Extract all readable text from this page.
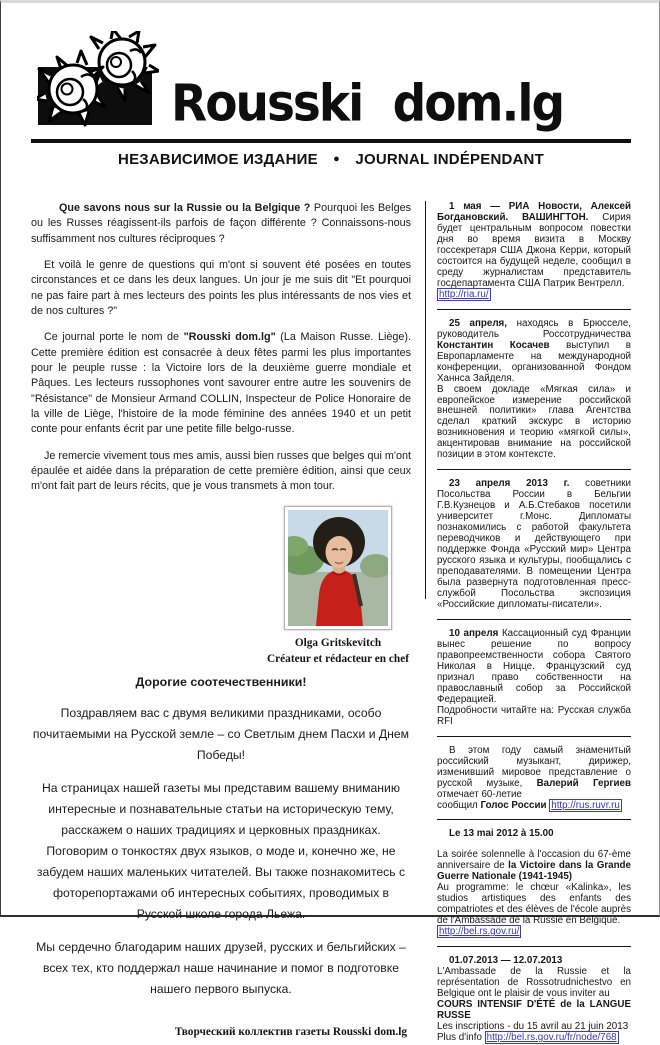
Rousski dom.lg
НЕЗАВИСИМОЕ ИЗДАНИЕ ● JOURNAL INDÉPENDANT

Que savons nous sur la Russie ou la Belgique ? Pourquoi les Belges ou les Russes réagissent-ils parfois de façon différente ? Connaissons-nous suffisamment nos cultures réciproques ?

Et voilà le genre de questions qui m'ont si souvent été posées en toutes circonstances et ce dans les deux langues. Un jour je me suis dit "Et pourquoi ne pas faire part à mes lecteurs des points les plus intéressants de nos vies et de nos cultures ?"

Ce journal porte le nom de "Rousski dom.lg" (La Maison Russe. Liège). Cette première édition est consacrée à deux fêtes parmi les plus importantes pour le peuple russe : la Victoire lors de la deuxième guerre mondiale et Pâques. Les lecteurs russophones vont savourer entre autre les souvenirs de "Résistance" de Monsieur Armand COLLIN, Inspecteur de Police Honoraire de la ville de Liège, l'histoire de la mode féminine des années 1940 et un petit conte pour enfants écrit par une petite fille belgo-russe.

Je remercie vivement tous mes amis, aussi bien russes que belges qui m'ont épaulée et aidée dans la préparation de cette première édition, ainsi que ceux m'ont fait part de leurs récits, que je vous transmets à mon tour.

Olga Gritskevitch
Créateur et rédacteur en chef
Дорогие соотечественники!

Поздравляем вас с двумя великими праздниками, особо почитаемыми на Русской земле – со Светлым днем Пасхи и Днем Победы!

На страницах нашей газеты мы представим вашему вниманию интересные и познавательные статьи на историческую тему, расскажем о наших традициях и церковных праздниках. Поговорим о тонкостях двух языков, о моде и, конечно же, не забудем наших маленьких читателей. Вы также познакомитесь с фоторепортажами об интересных событиях, проводимых в Русской школе города Льежа.

Мы сердечно благодарим наших друзей, русских и бельгийских – всех тех, кто поддержал наше начинание и помог в подготовке нашего первого выпуска.

Творческий коллектив газеты Rousski dom.lg

1 мая — РИА Новости, Алексей Богдановский. ВАШИНГТОН. Сирия будет центральным вопросом повестки дня во время визита в Москву госсекретаря США Джона Керри, который состоится на будущей неделе, сообщил в среду журналистам представитель госдепартамента США Патрик Вентрелл.

http://ria.ru/

25 апреля, находясь в Брюсселе, руководитель Россотрудничества Константин Косачев выступил в Европарламенте на международной конференции, организованной Фондом Ханнса Зайделя.

В своем докладе «Мягкая сила» и европейское измерение российской внешней политики» глава Агентства сделал краткий экскурс в историю возникновения и теорию «мягкой силы», акцентировав внимание на российской позиции в этом контексте.

23 апреля 2013 г. советники Посольства России в Бельгии Г.В.Кузнецов и А.Б.Стебаков посетили университет г.Монс. Дипломаты познакомились с работой факультета переводчиков и действующего при поддержке Фонда «Русский мир» Центра русского языка и культуры, пообщались с преподавателями. В помещении Центра была развернута подготовленная пресс-службой Посольства экспозиция «Российские дипломаты-писатели».

10 апреля Кассационный суд Франции вынес решение по вопросу правопреемственности собора Святого Николая в Ницце. Французский суд признал право собственности на православный собор за Российской Федерацией.

Подробности читайте на: Русская служба RFI

В этом году самый знаменитый российский музыкант, дирижер, изменивший мировое представление о русской музыке, Валерий Гергиев отмечает 60-летие

сообщил Голос России http://rus.ruvr.ru

Le 13 mai 2012 à 15.00

La soirée solennelle à l'occasion du 67-ème anniversaire de la Victoire dans la Grande Guerre Nationale (1941-1945)

Au programme: le chœur «Kalinka», les studios artistiques des enfants des compatriotes et des élèves de l'école auprès de l'Ambassade de la Russie en Belgique.

http://bel.rs.gov.ru/

01.07.2013 — 12.07.2013

L'Ambassade de la Russie et la représentation de Rossotrudnichestvo en Belgique ont le plaisir de vous inviter au

COURS INTENSIF D'ÉTÉ de la LANGUE RUSSE

Les inscriptions - du 15 avril au 21 juin 2013

Plus d'info http://bel.rs.gov.ru/fr/node/768
